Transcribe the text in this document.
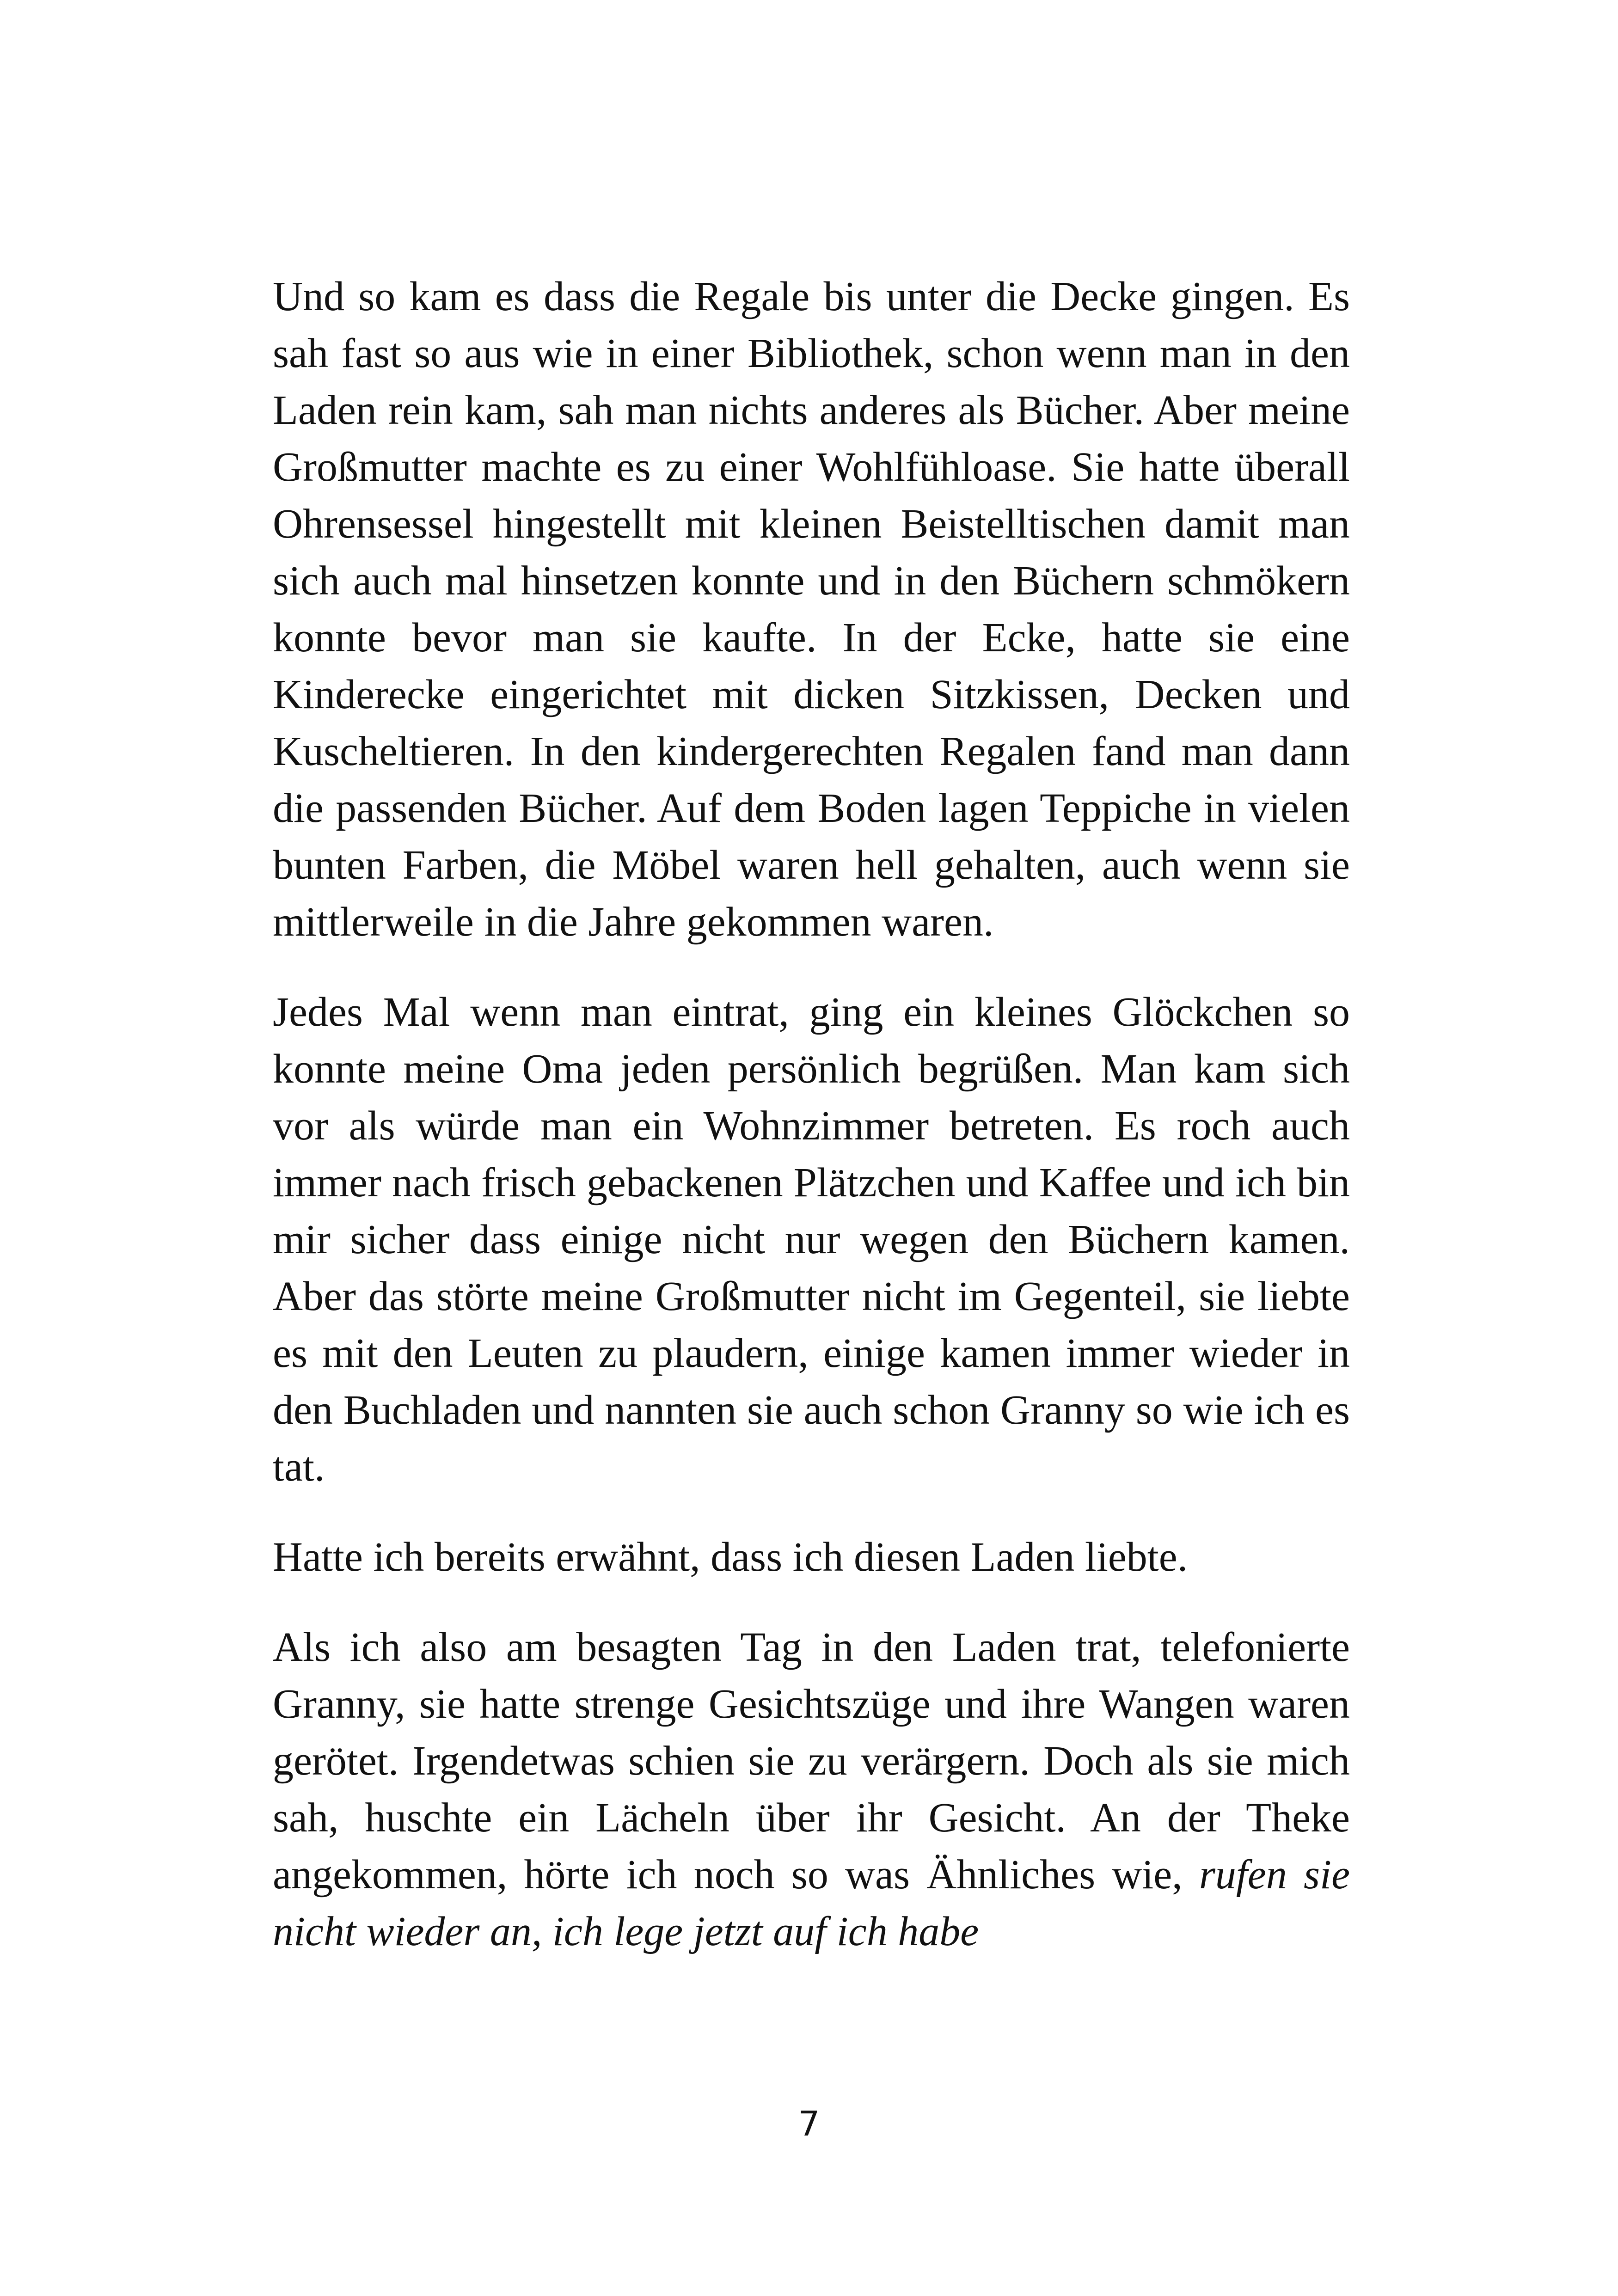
Und so kam es dass die Regale bis unter die Decke gingen. Es sah fast so aus wie in einer Bibliothek, schon wenn man in den Laden rein kam, sah man nichts anderes als Bücher. Aber meine Großmutter machte es zu einer Wohlfühloase. Sie hatte überall Ohrensessel hingestellt mit kleinen Beistelltischen damit man sich auch mal hinsetzen konnte und in den Büchern schmökern konnte bevor man sie kaufte. In der Ecke, hatte sie eine Kinderecke eingerichtet mit dicken Sitzkissen, Decken und Kuscheltieren. In den kindergerechten Regalen fand man dann die passenden Bücher. Auf dem Boden lagen Teppiche in vielen bunten Farben, die Möbel waren hell gehalten, auch wenn sie mittlerweile in die Jahre gekommen waren.

Jedes Mal wenn man eintrat, ging ein kleines Glöckchen so konnte meine Oma jeden persönlich begrüßen. Man kam sich vor als würde man ein Wohnzimmer betreten. Es roch auch immer nach frisch gebackenen Plätzchen und Kaffee und ich bin mir sicher dass einige nicht nur wegen den Büchern kamen. Aber das störte meine Großmutter nicht im Gegenteil, sie liebte es mit den Leuten zu plaudern, einige kamen immer wieder in den Buchladen und nannten sie auch schon Granny so wie ich es tat.

Hatte ich bereits erwähnt, dass ich diesen Laden liebte.

Als ich also am besagten Tag in den Laden trat, telefonierte Granny, sie hatte strenge Gesichtszüge und ihre Wangen waren gerötet. Irgendetwas schien sie zu verärgern. Doch als sie mich sah, huschte ein Lächeln über ihr Gesicht. An der Theke angekommen, hörte ich noch so was Ähnliches wie, rufen sie nicht wieder an, ich lege jetzt auf ich habe

7
